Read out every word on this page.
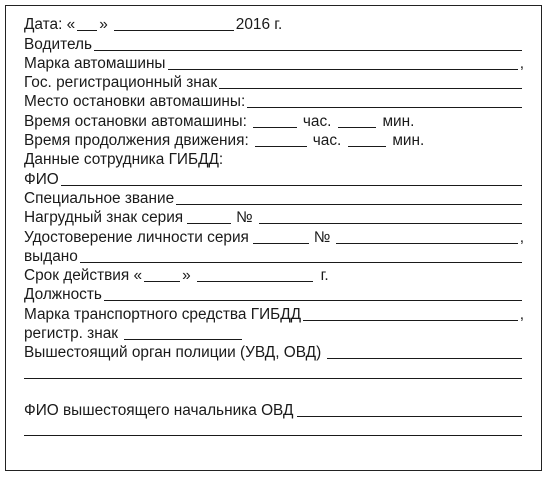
Дата: « »	2016 г.
Водитель
Марка автомашины	,
Гос. регистрационный знак
Место остановки автомашины:
Время остановки автомашины:	час.	мин.
Время продолжения движения:	час.	мин.
Данные сотрудника ГИБДД:
ФИО
Специальное звание
Нагрудный знак серия	№
Удостоверение личности серия	№	,
выдано
Срок действия «	»	г.
Должность
Марка транспортного средства ГИБДД	,
регистр. знак
Вышестоящий орган полиции (УВД, ОВД)
ФИО вышестоящего начальника ОВД
